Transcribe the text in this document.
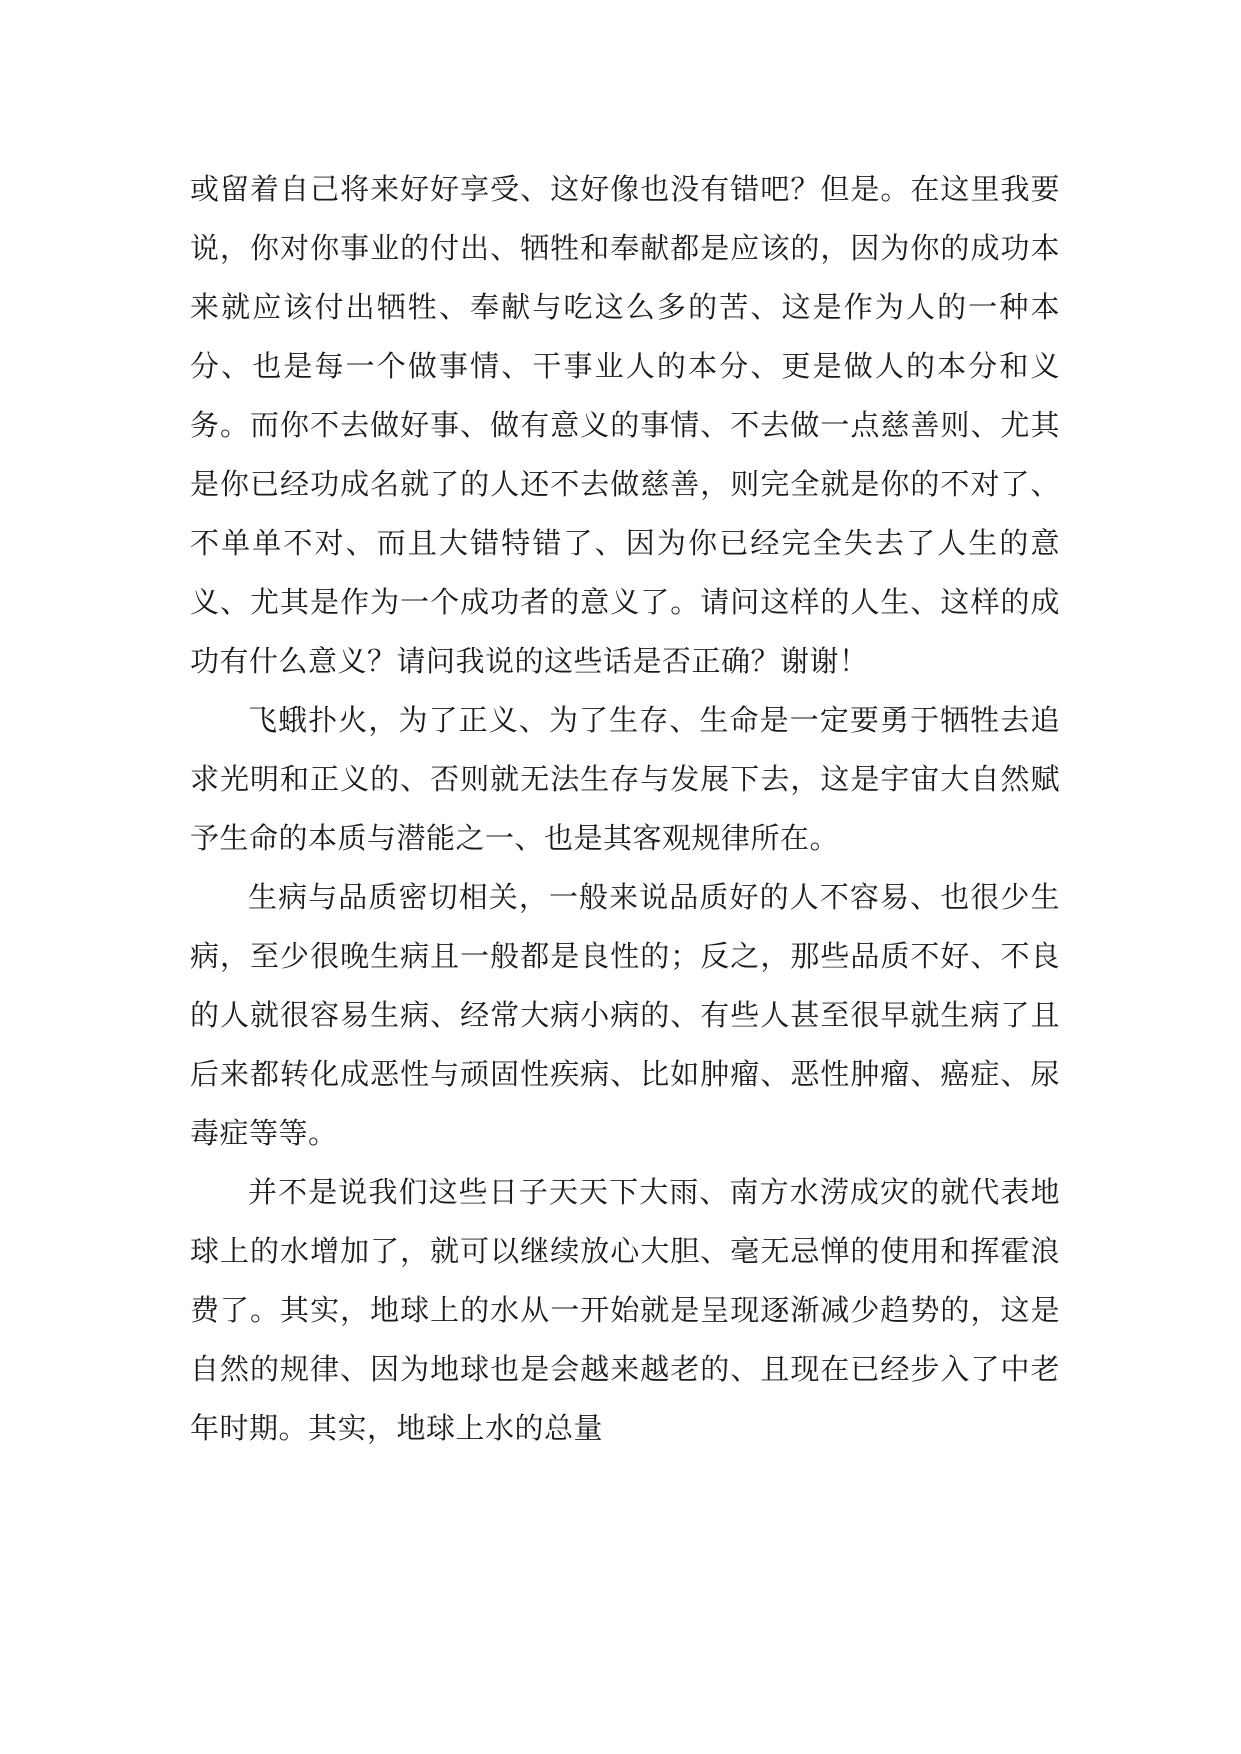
或留着自己将来好好享受、这好像也没有错吧？但是。在这里我要说，你对你事业的付出、牺牲和奉献都是应该的，因为你的成功本来就应该付出牺牲、奉献与吃这么多的苦、这是作为人的一种本分、也是每一个做事情、干事业人的本分、更是做人的本分和义务。而你不去做好事、做有意义的事情、不去做一点慈善则、尤其是你已经功成名就了的人还不去做慈善，则完全就是你的不对了、不单单不对、而且大错特错了、因为你已经完全失去了人生的意义、尤其是作为一个成功者的意义了。请问这样的人生、这样的成功有什么意义？请问我说的这些话是否正确？谢谢！

飞蛾扑火，为了正义、为了生存、生命是一定要勇于牺牲去追求光明和正义的、否则就无法生存与发展下去，这是宇宙大自然赋予生命的本质与潜能之一、也是其客观规律所在。

生病与品质密切相关，一般来说品质好的人不容易、也很少生病，至少很晚生病且一般都是良性的；反之，那些品质不好、不良的人就很容易生病、经常大病小病的、有些人甚至很早就生病了且后来都转化成恶性与顽固性疾病、比如肿瘤、恶性肿瘤、癌症、尿毒症等等。

并不是说我们这些日子天天下大雨、南方水涝成灾的就代表地球上的水增加了，就可以继续放心大胆、毫无忌惮的使用和挥霍浪费了。其实，地球上的水从一开始就是呈现逐渐减少趋势的，这是自然的规律、因为地球也是会越来越老的、且现在已经步入了中老年时期。其实，地球上水的总量
